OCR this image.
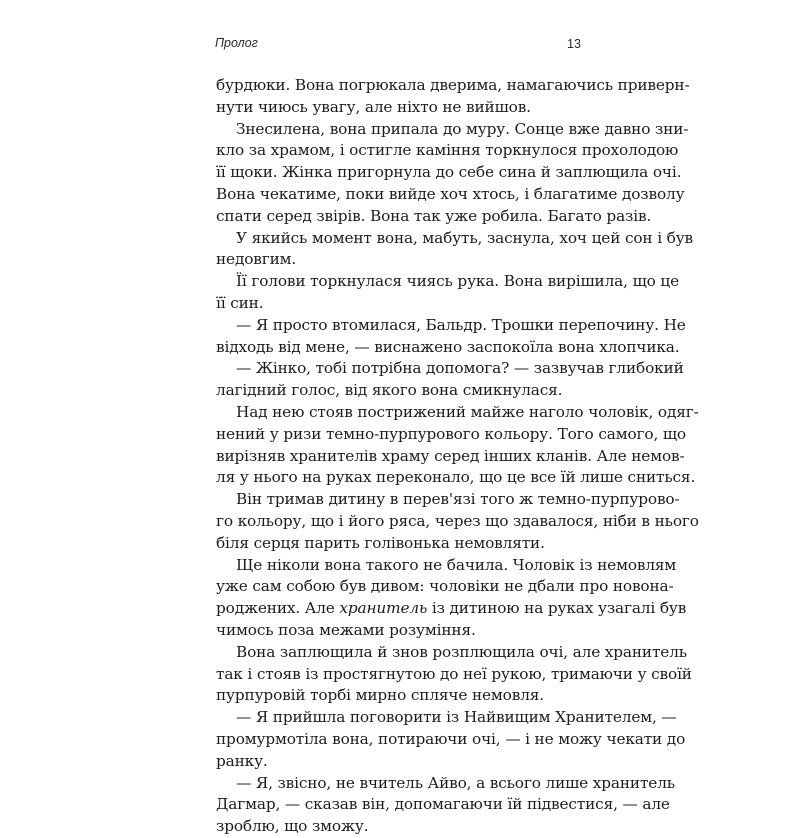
Пролог	13
бурдюки. Вона погрюкала дверима, намагаючись приверн-
нути чиюсь увагу, але ніхто не вийшов.
Знесилена, вона припала до муру. Сонце вже давно зни-
кло за храмом, і остигле каміння торкнулося прохолодою
її щоки. Жінка пригорнула до себе сина й заплющила очі.
Вона чекатиме, поки вийде хоч хтось, і благатиме дозволу
спати серед звірів. Вона так уже робила. Багато разів.
У якийсь момент вона, мабуть, заснула, хоч цей сон і був
недовгим.
Її голови торкнулася чиясь рука. Вона вирішила, що це
її син.
— Я просто втомилася, Бальдр. Трошки перепочину. Не
відходь від мене, — виснажено заспокоїла вона хлопчика.
— Жінко, тобі потрібна допомога? — зазвучав глибокий
лагідний голос, від якого вона смикнулася.
Над нею стояв пострижений майже наголо чоловік, одяг-
нений у ризи темно-пурпурового кольору. Того самого, що
вирізняв хранителів храму серед інших кланів. Але немов-
ля у нього на руках переконало, що це все їй лише сниться.
Він тримав дитину в перев'язі того ж темно-пурпурово-
го кольору, що і його ряса, через що здавалося, ніби в нього
біля серця парить голівонька немовляти.
Ще ніколи вона такого не бачила. Чоловік із немовлям
уже сам собою був дивом: чоловіки не дбали про новона-
роджених. Але хранитель із дитиною на руках узагалі був
чимось поза межами розуміння.
Вона заплющила й знов розплющила очі, але хранитель
так і стояв із простягнутою до неї рукою, тримаючи у своїй
пурпуровій торбі мирно спляче немовля.
— Я прийшла поговорити із Найвищим Хранителем, —
промурмотіла вона, потираючи очі, — і не можу чекати до
ранку.
— Я, звісно, не вчитель Айво, а всього лише хранитель
Дагмар, — сказав він, допомагаючи їй підвестися, — але
зроблю, що зможу.
